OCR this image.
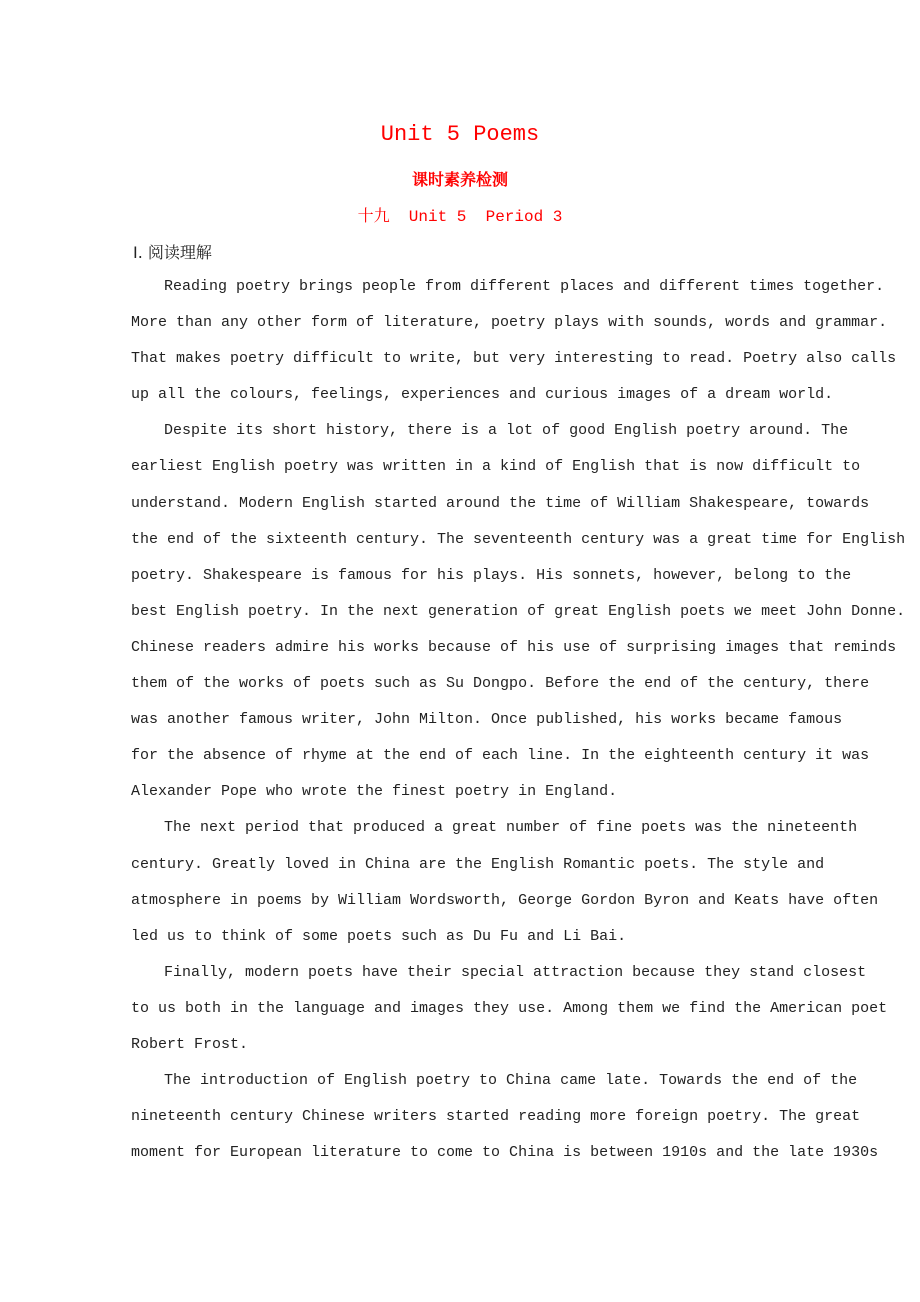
Unit 5 Poems
课时素养检测
十九  Unit 5  Period 3
Ⅰ. 阅读理解
Reading poetry brings people from different places and different times together.
More than any other form of literature, poetry plays with sounds, words and grammar.
That makes poetry difficult to write, but very interesting to read. Poetry also calls
up all the colours, feelings, experiences and curious images of a dream world.
Despite its short history, there is a lot of good English poetry around. The
earliest English poetry was written in a kind of English that is now difficult to
understand. Modern English started around the time of William Shakespeare, towards
the end of the sixteenth century. The seventeenth century was a great time for English
poetry. Shakespeare is famous for his plays. His sonnets, however, belong to the
best English poetry. In the next generation of great English poets we meet John Donne.
Chinese readers admire his works because of his use of surprising images that reminds
them of the works of poets such as Su Dongpo. Before the end of the century, there
was another famous writer, John Milton. Once published, his works became famous
for the absence of rhyme at the end of each line. In the eighteenth century it was
Alexander Pope who wrote the finest poetry in England.
The next period that produced a great number of fine poets was the nineteenth
century. Greatly loved in China are the English Romantic poets. The style and
atmosphere in poems by William Wordsworth, George Gordon Byron and Keats have often
led us to think of some poets such as Du Fu and Li Bai.
Finally, modern poets have their special attraction because they stand closest
to us both in the language and images they use. Among them we find the American poet
Robert Frost.
The introduction of English poetry to China came late. Towards the end of the
nineteenth century Chinese writers started reading more foreign poetry. The great
moment for European literature to come to China is between 1910s and the late 1930s
